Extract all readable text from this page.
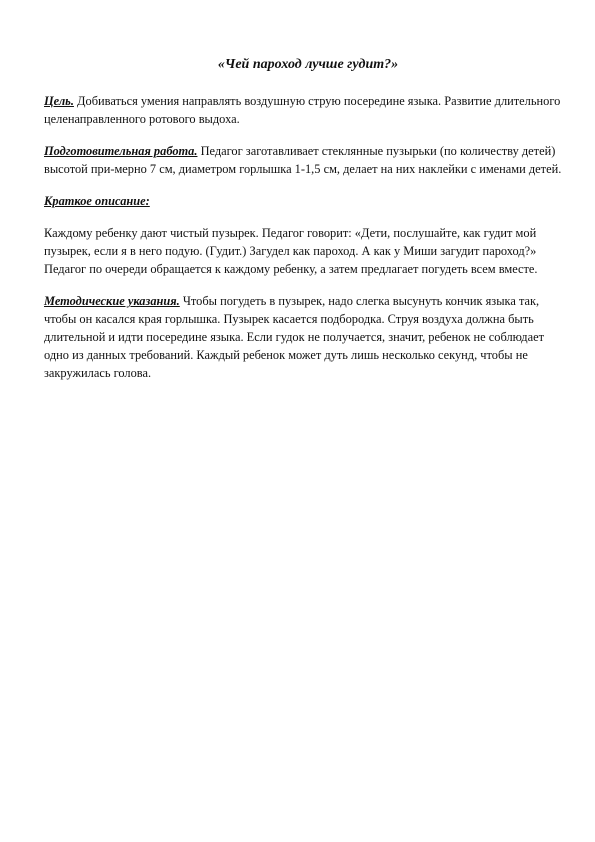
«Чей пароход лучше гудит?»

Цель. Добиваться умения направлять воздушную струю посередине языка. Развитие длительного целенаправленного ротового выдоха.

Подготовительная работа. Педагог заготавливает стеклянные пузырьки (по количеству детей) высотой при-мерно 7 см, диаметром горлышка 1-1,5 см, делает на них наклейки с именами детей.

Краткое описание:

Каждому ребенку дают чистый пузырек. Педагог говорит: «Дети, послушайте, как гудит мой пузырек, если я в него подую. (Гудит.) Загудел как пароход. А как у Миши загудит пароход?» Педагог по очереди обращается к каждому ребенку, а затем предлагает погудеть всем вместе.

Методические указания. Чтобы погудеть в пузырек, надо слегка высунуть кончик языка так, чтобы он касался края горлышка. Пузырек касается подбородка. Струя воздуха должна быть длительной и идти посередине языка. Если гудок не получается, значит, ребенок не соблюдает одно из данных требований. Каждый ребенок может дуть лишь несколько секунд, чтобы не закружилась голова.
